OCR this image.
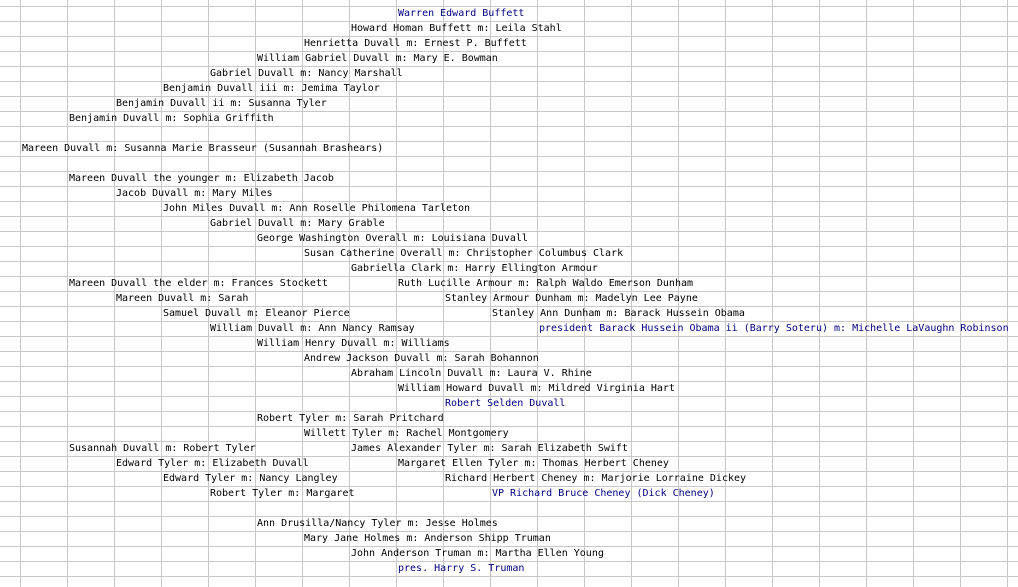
Warren Edward Buffett
Howard Homan Buffett m: Leila Stahl
Henrietta Duvall m: Ernest P. Buffett
William Gabriel Duvall m: Mary E. Bowman
Gabriel Duvall m: Nancy Marshall
Benjamin Duvall iii m: Jemima Taylor
Benjamin Duvall ii m: Susanna Tyler
Benjamin Duvall m: Sophia Griffith
Mareen Duvall m: Susanna Marie Brasseur (Susannah Brashears)
Mareen Duvall the younger m: Elizabeth Jacob
Jacob Duvall m: Mary Miles
John Miles Duvall m: Ann Roselle Philomena Tarleton
Gabriel Duvall m: Mary Grable
George Washington Overall m: Louisiana Duvall
Susan Catherine Overall m: Christopher Columbus Clark
Gabriella Clark m: Harry Ellington Armour
Mareen Duvall the elder m: Frances Stockett	Ruth Lucille Armour m: Ralph Waldo Emerson Dunham
Mareen Duvall m: Sarah	Stanley Armour Dunham m: Madelyn Lee Payne
Samuel Duvall m: Eleanor Pierce	Stanley Ann Dunham m: Barack Hussein Obama
William Duvall m: Ann Nancy Ramsay	president Barack Hussein Obama ii (Barry Soteru) m: Michelle LaVaughn Robinson
William Henry Duvall m: Williams
Andrew Jackson Duvall m: Sarah Bohannon
Abraham Lincoln Duvall m: Laura V. Rhine
William Howard Duvall m: Mildred Virginia Hart
Robert Selden Duvall
Robert Tyler m: Sarah Pritchard
Willett Tyler m: Rachel Montgomery
Susannah Duvall m: Robert Tyler	James Alexander Tyler m: Sarah Elizabeth Swift
Edward Tyler m: Elizabeth Duvall	Margaret Ellen Tyler m: Thomas Herbert Cheney
Edward Tyler m: Nancy Langley	Richard Herbert Cheney m: Marjorie Lorraine Dickey
Robert Tyler m: Margaret	VP Richard Bruce Cheney (Dick Cheney)
Ann Drusilla/Nancy Tyler m: Jesse Holmes
Mary Jane Holmes m: Anderson Shipp Truman
John Anderson Truman m: Martha Ellen Young
pres. Harry S. Truman
